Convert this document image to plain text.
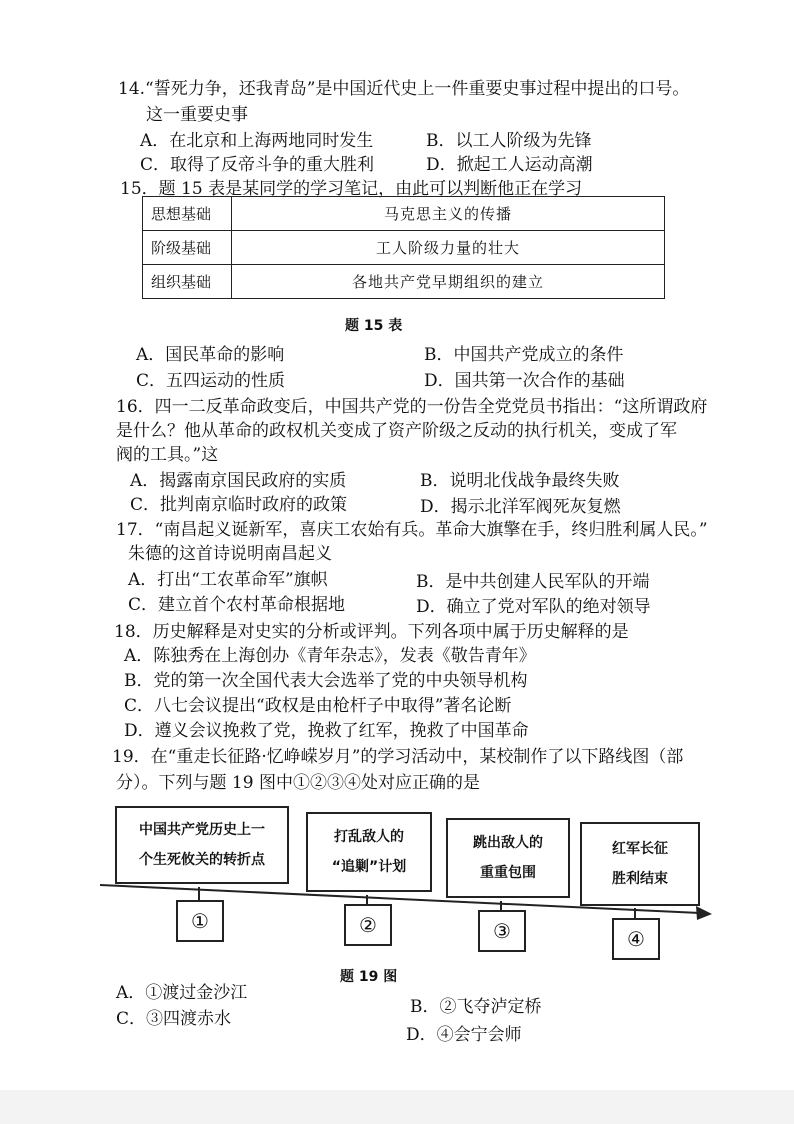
14.“誓死力争，还我青岛”是中国近代史上一件重要史事过程中提出的口号。
这一重要史事
A．在北京和上海两地同时发生	B．以工人阶级为先锋
C．取得了反帝斗争的重大胜利	D．掀起工人运动高潮
15．题 15 表是某同学的学习笔记，由此可以判断他正在学习
思想基础	马克思主义的传播
阶级基础	工人阶级力量的壮大
组织基础	各地共产党早期组织的建立
题 15 表
A．国民革命的影响	B．中国共产党成立的条件
C．五四运动的性质	D．国共第一次合作的基础
16．四一二反革命政变后，中国共产党的一份告全党党员书指出：“这所谓政府
是什么？他从革命的政权机关变成了资产阶级之反动的执行机关，变成了军
阀的工具。”这
A．揭露南京国民政府的实质	B．说明北伐战争最终失败
C．批判南京临时政府的政策	D．揭示北洋军阀死灰复燃
17．“南昌起义诞新军，喜庆工农始有兵。革命大旗擎在手，终归胜利属人民。”
朱德的这首诗说明南昌起义
A．打出“工农革命军”旗帜	B．是中共创建人民军队的开端
C．建立首个农村革命根据地	D．确立了党对军队的绝对领导
18．历史解释是对史实的分析或评判。下列各项中属于历史解释的是
A．陈独秀在上海创办《青年杂志》，发表《敬告青年》
B．党的第一次全国代表大会选举了党的中央领导机构
C．八七会议提出“政权是由枪杆子中取得”著名论断
D．遵义会议挽救了党，挽救了红军，挽救了中国革命
19．在“重走长征路·忆峥嵘岁月”的学习活动中，某校制作了以下路线图（部
分）。下列与题 19 图中①②③④处对应正确的是
中国共产党历史上一
个生死攸关的转折点
打乱敌人的
“追剿”计划
跳出敌人的
重重包围
红军长征
胜利结束
①	②	③	④
题 19 图
A．①渡过金沙江
B．②飞夺泸定桥
C．③四渡赤水
D．④会宁会师
